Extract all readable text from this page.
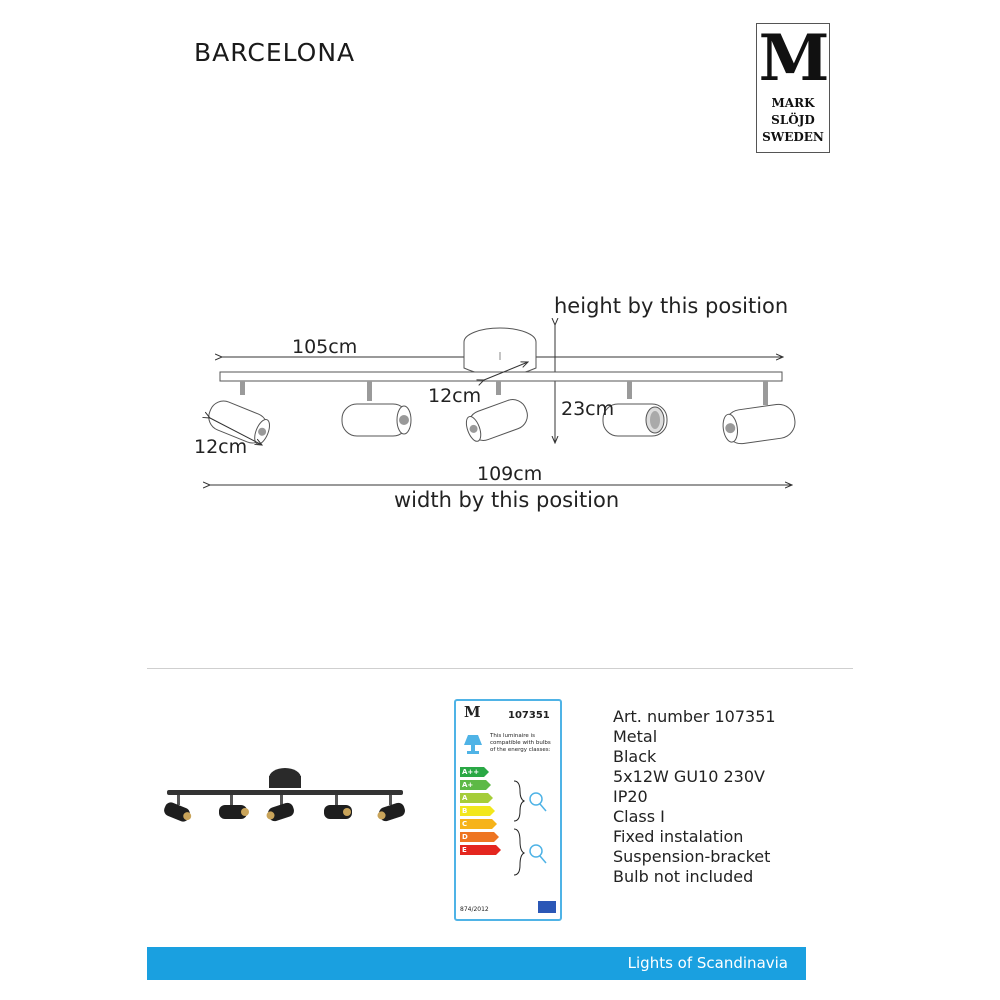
BARCELONA	M
MARK
SLÖJD
SWEDEN
105cm
12cm
23cm
12cm
109cm
height by this position
width by this position
M	107351
This luminaire is compatible with bulbs of the energy classes:
A++
A+
A
B
C
D
E
874/2012
Art. number 107351
Metal
Black
5x12W GU10 230V
IP20
Class I
Fixed instalation
Suspension-bracket
Bulb not included
Lights of Scandinavia
